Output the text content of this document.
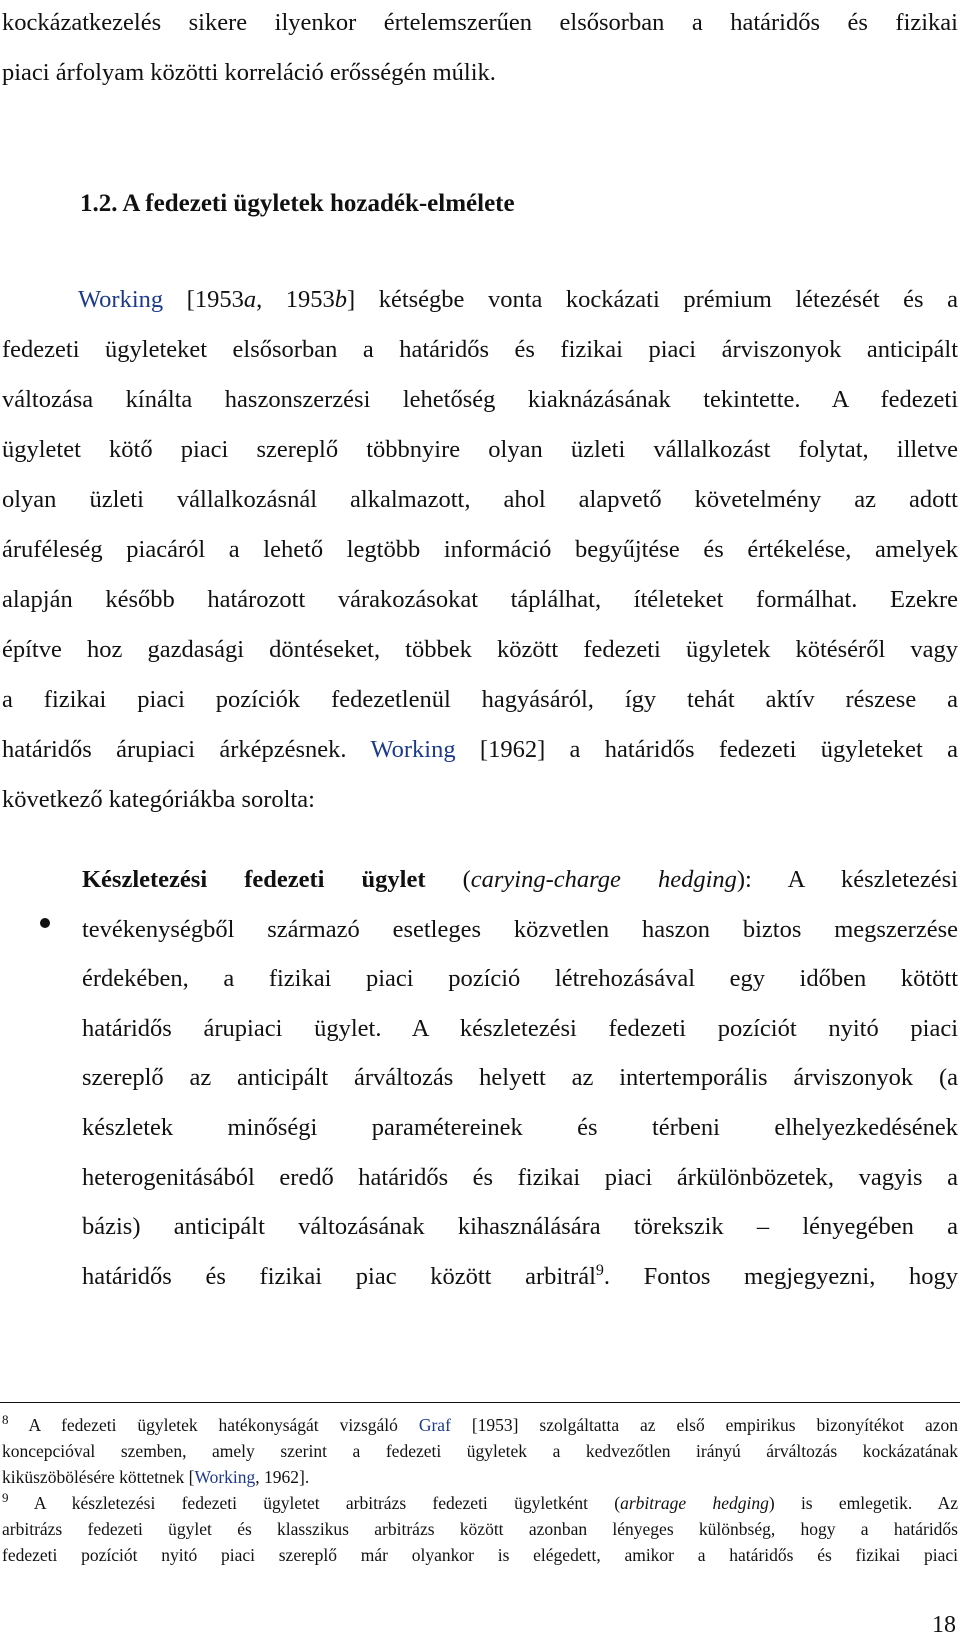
kockázatkezelés sikere ilyenkor értelemszerűen elsősorban a határidős és fizikai
piaci árfolyam közötti korreláció erősségén múlik.
1.2. A fedezeti ügyletek hozadék-elmélete
Working [1953a, 1953b] kétségbe vonta kockázati prémium létezését és a
fedezeti ügyleteket elsősorban a határidős és fizikai piaci árviszonyok anticipált
változása kínálta haszonszerzési lehetőség kiaknázásának tekintette. A fedezeti
ügyletet kötő piaci szereplő többnyire olyan üzleti vállalkozást folytat, illetve
olyan üzleti vállalkozásnál alkalmazott, ahol alapvető követelmény az adott
áruféleség piacáról a lehető legtöbb információ begyűjtése és értékelése, amelyek
alapján később határozott várakozásokat táplálhat, ítéleteket formálhat. Ezekre
építve hoz gazdasági döntéseket, többek között fedezeti ügyletek kötéséről vagy
a fizikai piaci pozíciók fedezetlenül hagyásáról, így tehát aktív részese a
határidős árupiaci árképzésnek. Working [1962] a határidős fedezeti ügyleteket a
következő kategóriákba sorolta:
Készletezési fedezeti ügylet (carying-charge hedging): A készletezési
tevékenységből származó esetleges közvetlen haszon biztos megszerzése
érdekében, a fizikai piaci pozíció létrehozásával egy időben kötött
határidős árupiaci ügylet. A készletezési fedezeti pozíciót nyitó piaci
szereplő az anticipált árváltozás helyett az intertemporális árviszonyok (a
készletek minőségi paramétereinek és térbeni elhelyezkedésének
heterogenitásából eredő határidős és fizikai piaci árkülönbözetek, vagyis a
bázis) anticipált változásának kihasználására törekszik – lényegében a
határidős és fizikai piac között arbitrál$^9$. Fontos megjegyezni, hogy
$^8$ A fedezeti ügyletek hatékonyságát vizsgáló Graf [1953] szolgáltatta az első empirikus bizonyítékot azon
koncepcióval szemben, amely szerint a fedezeti ügyletek a kedvezőtlen irányú árváltozás kockázatának
kiküszöbölésére köttetnek [Working, 1962].
$^9$ A készletezési fedezeti ügyletet arbitrázs fedezeti ügyletként (arbitrage hedging) is emlegetik. Az
arbitrázs fedezeti ügylet és klasszikus arbitrázs között azonban lényeges különbség, hogy a határidős
fedezeti pozíciót nyitó piaci szereplő már olyankor is elégedett, amikor a határidős és fizikai piaci
18
